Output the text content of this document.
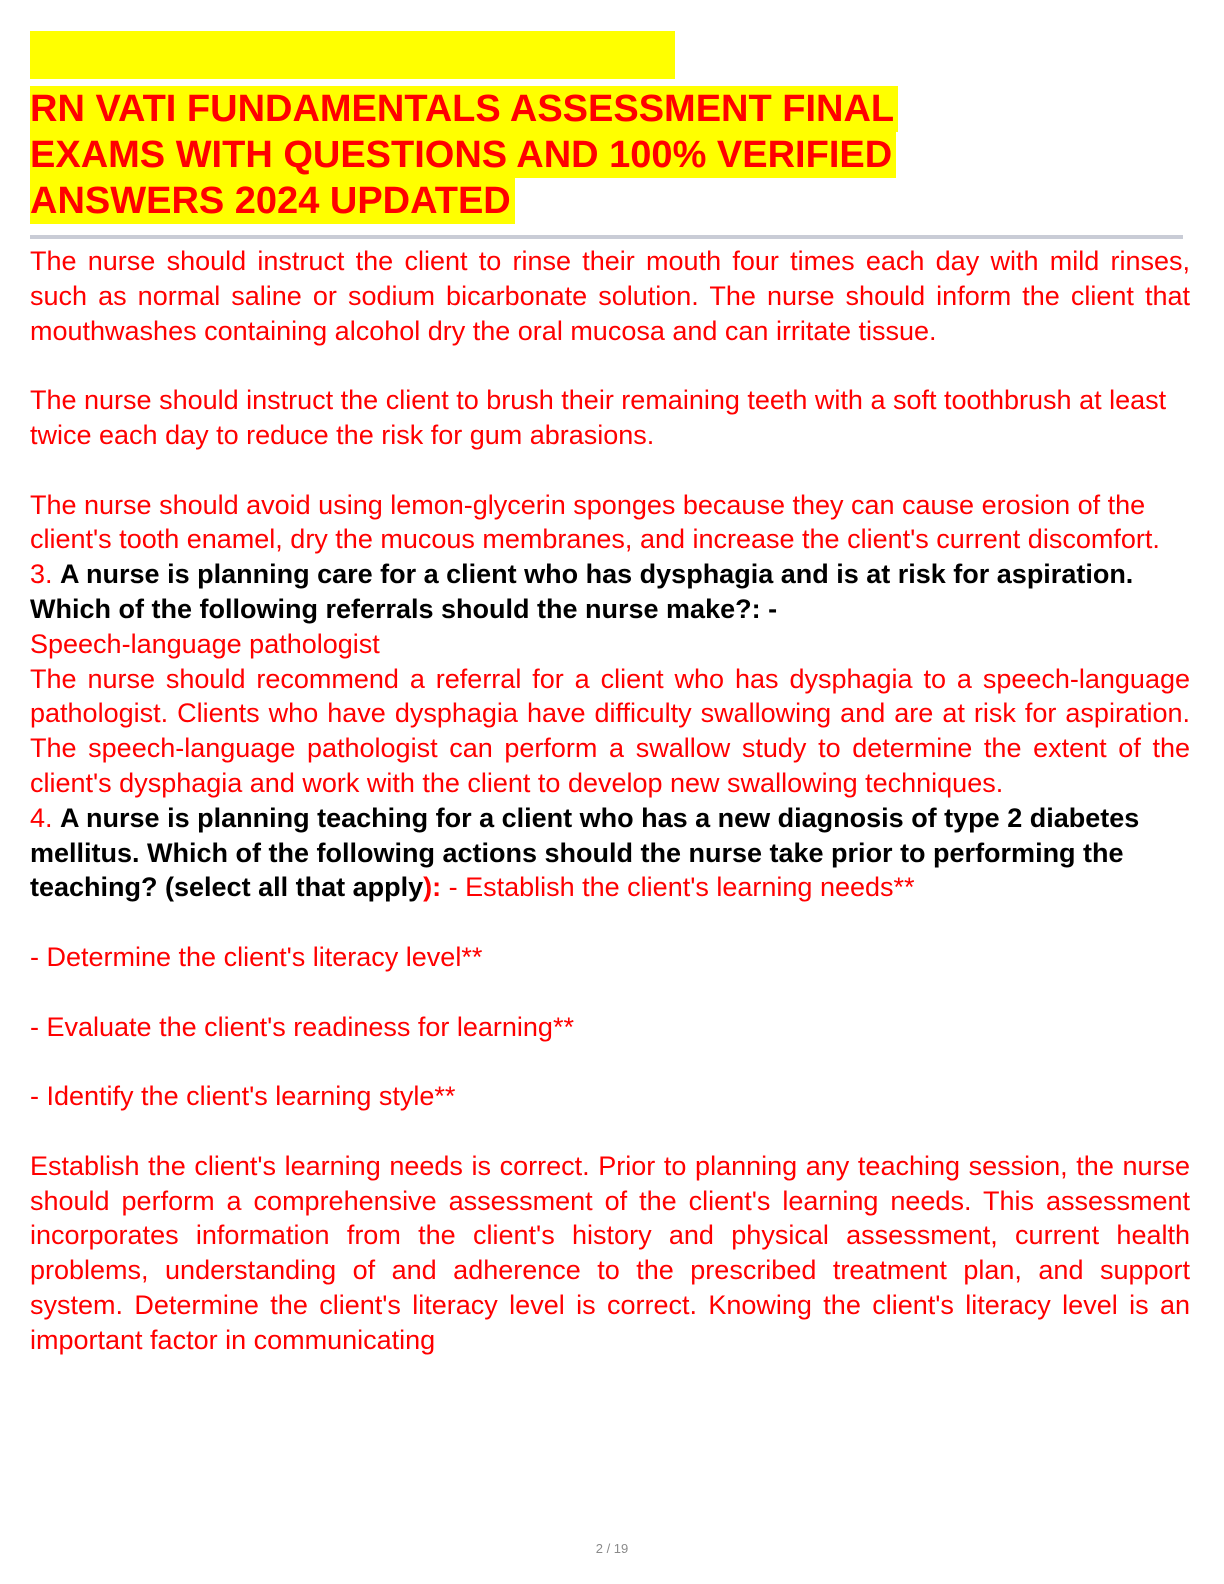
RN VATI FUNDAMENTALS ASSESSMENT FINAL
EXAMS WITH QUESTIONS AND 100% VERIFIED
ANSWERS 2024 UPDATED

The nurse should instruct the client to rinse their mouth four times each day with mild rinses, such as normal saline or sodium bicarbonate solution. The nurse should inform the client that mouthwashes containing alcohol dry the oral mucosa and can irritate tissue.

The nurse should instruct the client to brush their remaining teeth with a soft toothbrush at least twice each day to reduce the risk for gum abrasions.

The nurse should avoid using lemon-glycerin sponges because they can cause erosion of the client's tooth enamel, dry the mucous membranes, and increase the client's current discomfort.

3. A nurse is planning care for a client who has dysphagia and is at risk for aspiration. Which of the following referrals should the nurse make?: -

Speech-language pathologist

The nurse should recommend a referral for a client who has dysphagia to a speech-language pathologist. Clients who have dysphagia have difficulty swallowing and are at risk for aspiration. The speech-language pathologist can perform a swallow study to determine the extent of the client's dysphagia and work with the client to develop new swallowing techniques.

4. A nurse is planning teaching for a client who has a new diagnosis of type 2 diabetes mellitus. Which of the following actions should the nurse take prior to performing the teaching? (select all that apply): - Establish the client's learning needs**

- Determine the client's literacy level**

- Evaluate the client's readiness for learning**

- Identify the client's learning style**

Establish the client's learning needs is correct. Prior to planning any teaching session, the nurse should perform a comprehensive assessment of the client's learning needs. This assessment incorporates information from the client's history and physical assessment, current health problems, understanding of and adherence to the prescribed treatment plan, and support system. Determine the client's literacy level is correct. Knowing the client's literacy level is an important factor in communicating

2 / 19
